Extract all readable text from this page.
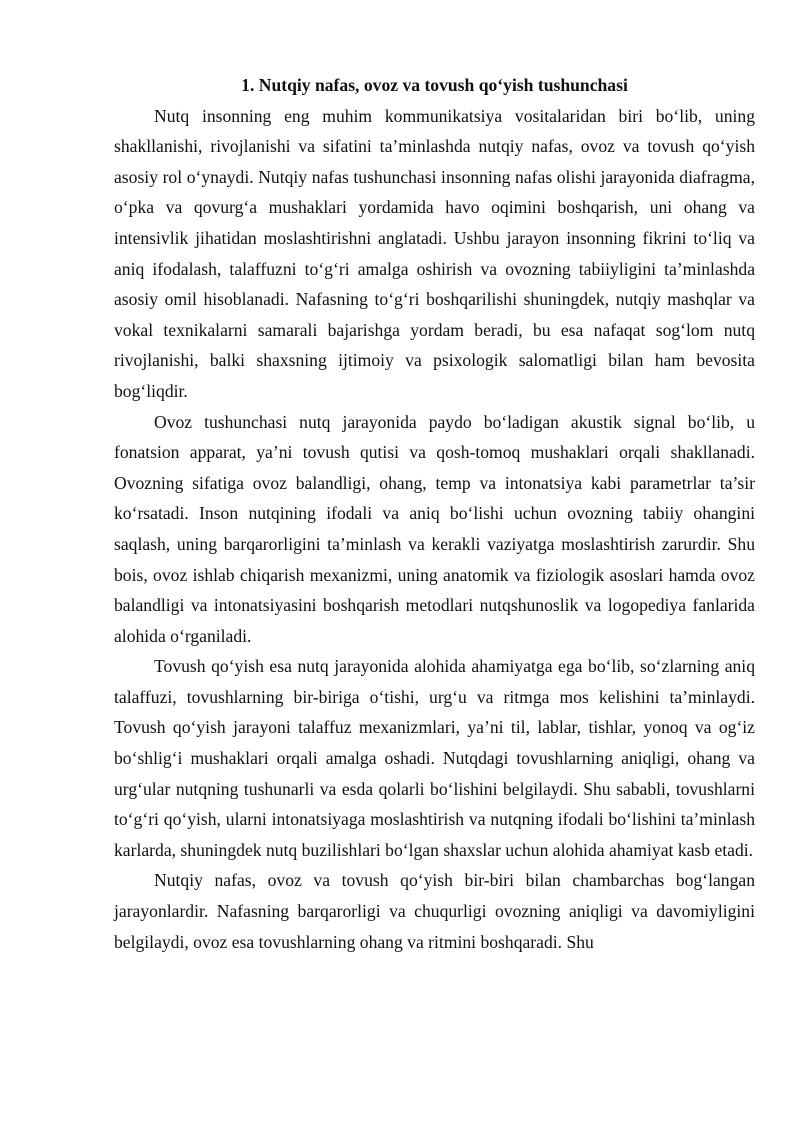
1. Nutqiy nafas, ovoz va tovush qo‘yish tushunchasi

Nutq insonning eng muhim kommunikatsiya vositalaridan biri bo‘lib, uning shakllanishi, rivojlanishi va sifatini ta’minlashda nutqiy nafas, ovoz va tovush qo‘yish asosiy rol o‘ynaydi. Nutqiy nafas tushunchasi insonning nafas olishi jarayonida diafragma, o‘pka va qovurg‘a mushaklari yordamida havo oqimini boshqarish, uni ohang va intensivlik jihatidan moslashtirishni anglatadi. Ushbu jarayon insonning fikrini to‘liq va aniq ifodalash, talaffuzni to‘g‘ri amalga oshirish va ovozning tabiiyligini ta’minlashda asosiy omil hisoblanadi. Nafasning to‘g‘ri boshqarilishi shuningdek, nutqiy mashqlar va vokal texnikalarni samarali bajarishga yordam beradi, bu esa nafaqat sog‘lom nutq rivojlanishi, balki shaxsning ijtimoiy va psixologik salomatligi bilan ham bevosita bog‘liqdir.

Ovoz tushunchasi nutq jarayonida paydo bo‘ladigan akustik signal bo‘lib, u fonatsion apparat, ya’ni tovush qutisi va qosh-tomoq mushaklari orqali shakllanadi. Ovozning sifatiga ovoz balandligi, ohang, temp va intonatsiya kabi parametrlar ta’sir ko‘rsatadi. Inson nutqining ifodali va aniq bo‘lishi uchun ovozning tabiiy ohangini saqlash, uning barqarorligini ta’minlash va kerakli vaziyatga moslashtirish zarurdir. Shu bois, ovoz ishlab chiqarish mexanizmi, uning anatomik va fiziologik asoslari hamda ovoz balandligi va intonatsiyasini boshqarish metodlari nutqshunoslik va logopediya fanlarida alohida o‘rganiladi.

Tovush qo‘yish esa nutq jarayonida alohida ahamiyatga ega bo‘lib, so‘zlarning aniq talaffuzi, tovushlarning bir-biriga o‘tishi, urg‘u va ritmga mos kelishini ta’minlaydi. Tovush qo‘yish jarayoni talaffuz mexanizmlari, ya’ni til, lablar, tishlar, yonoq va og‘iz bo‘shlig‘i mushaklari orqali amalga oshadi. Nutqdagi tovushlarning aniqligi, ohang va urg‘ular nutqning tushunarli va esda qolarli bo‘lishini belgilaydi. Shu sababli, tovushlarni to‘g‘ri qo‘yish, ularni intonatsiyaga moslashtirish va nutqning ifodali bo‘lishini ta’minlash karlarda, shuningdek nutq buzilishlari bo‘lgan shaxslar uchun alohida ahamiyat kasb etadi.

Nutqiy nafas, ovoz va tovush qo‘yish bir-biri bilan chambarchas bog‘langan jarayonlardir. Nafasning barqarorligi va chuqurligi ovozning aniqligi va davomiyligini belgilaydi, ovoz esa tovushlarning ohang va ritmini boshqaradi. Shu
